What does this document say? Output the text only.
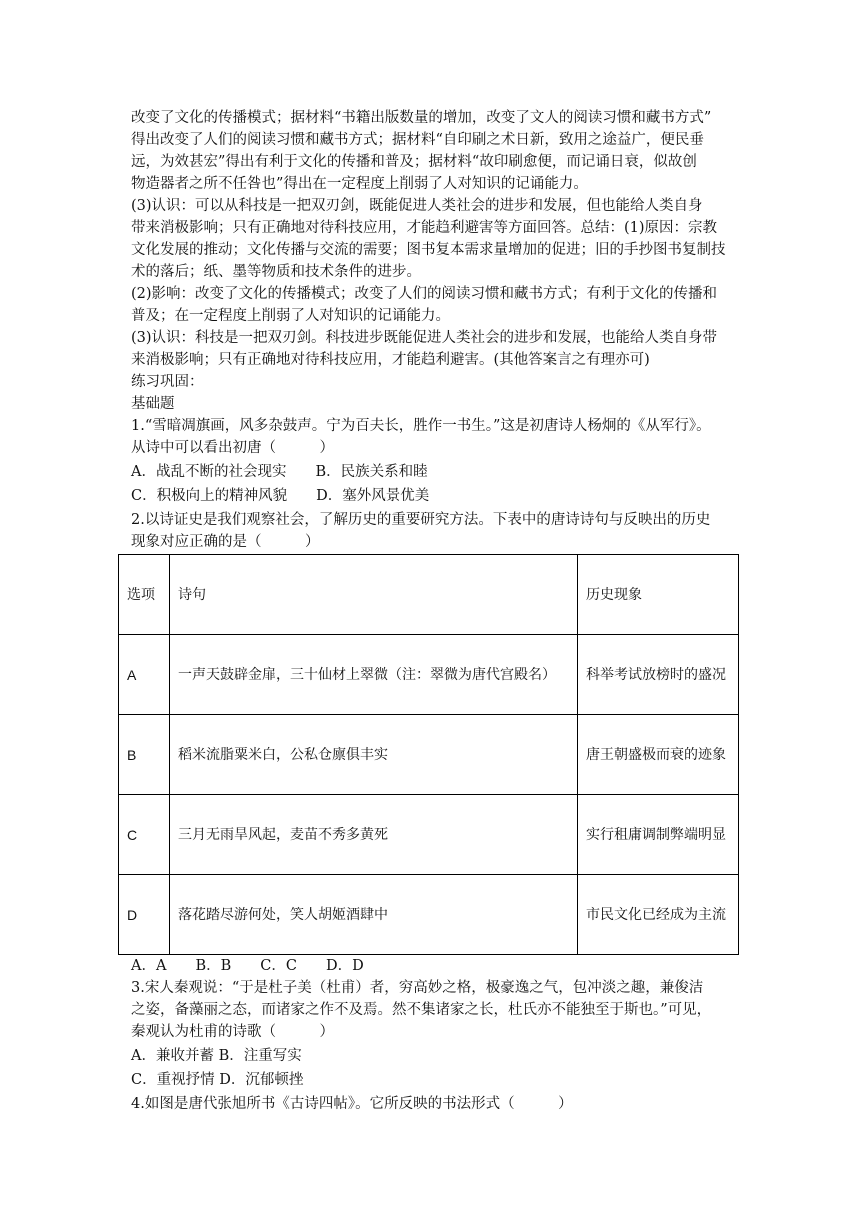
改变了文化的传播模式；据材料“书籍出版数量的增加，改变了文人的阅读习惯和藏书方式”
得出改变了人们的阅读习惯和藏书方式；据材料“自印刷之术日新，致用之途益广，便民垂
远，为效甚宏”得出有利于文化的传播和普及；据材料“故印刷愈便，而记诵日衰，似故创
物造器者之所不任咎也”得出在一定程度上削弱了人对知识的记诵能力。
(3)认识：可以从科技是一把双刃剑，既能促进人类社会的进步和发展，但也能给人类自身
带来消极影响；只有正确地对待科技应用，才能趋利避害等方面回答。总结：(1)原因：宗教
文化发展的推动；文化传播与交流的需要；图书复本需求量增加的促进；旧的手抄图书复制技
术的落后；纸、墨等物质和技术条件的进步。
(2)影响：改变了文化的传播模式；改变了人们的阅读习惯和藏书方式；有利于文化的传播和
普及；在一定程度上削弱了人对知识的记诵能力。
(3)认识：科技是一把双刃剑。科技进步既能促进人类社会的进步和发展，也能给人类自身带
来消极影响；只有正确地对待科技应用，才能趋利避害。(其他答案言之有理亦可)
练习巩固：
基础题
1.“雪暗凋旗画，风多杂鼓声。宁为百夫长，胜作一书生。”这是初唐诗人杨炯的《从军行》。
从诗中可以看出初唐（　　　）
A．战乱不断的社会现实　　B．民族关系和睦
C．积极向上的精神风貌　　D．塞外风景优美
2.以诗证史是我们观察社会，了解历史的重要研究方法。下表中的唐诗诗句与反映出的历史
现象对应正确的是（　　　）
选项	诗句	历史现象
A	一声天鼓辟金扉，三十仙材上翠微（注：翠微为唐代宫殿名）	科举考试放榜时的盛况
B	稻米流脂粟米白，公私仓廪俱丰实	唐王朝盛极而衰的迹象
C	三月无雨旱风起，麦苗不秀多黄死	实行租庸调制弊端明显
D	落花踏尽游何处，笑人胡姬酒肆中	市民文化已经成为主流
A．A　　B．B　　C．C　　D．D
3.宋人秦观说：“于是杜子美（杜甫）者，穷高妙之格，极豪逸之气，包冲淡之趣，兼俊洁
之姿，备藻丽之态，而诸家之作不及焉。然不集诸家之长，杜氏亦不能独至于斯也。”可见，
秦观认为杜甫的诗歌（　　　）
A．兼收并蓄 B．注重写实
C．重视抒情 D．沉郁顿挫
4.如图是唐代张旭所书《古诗四帖》。它所反映的书法形式（　　　）
